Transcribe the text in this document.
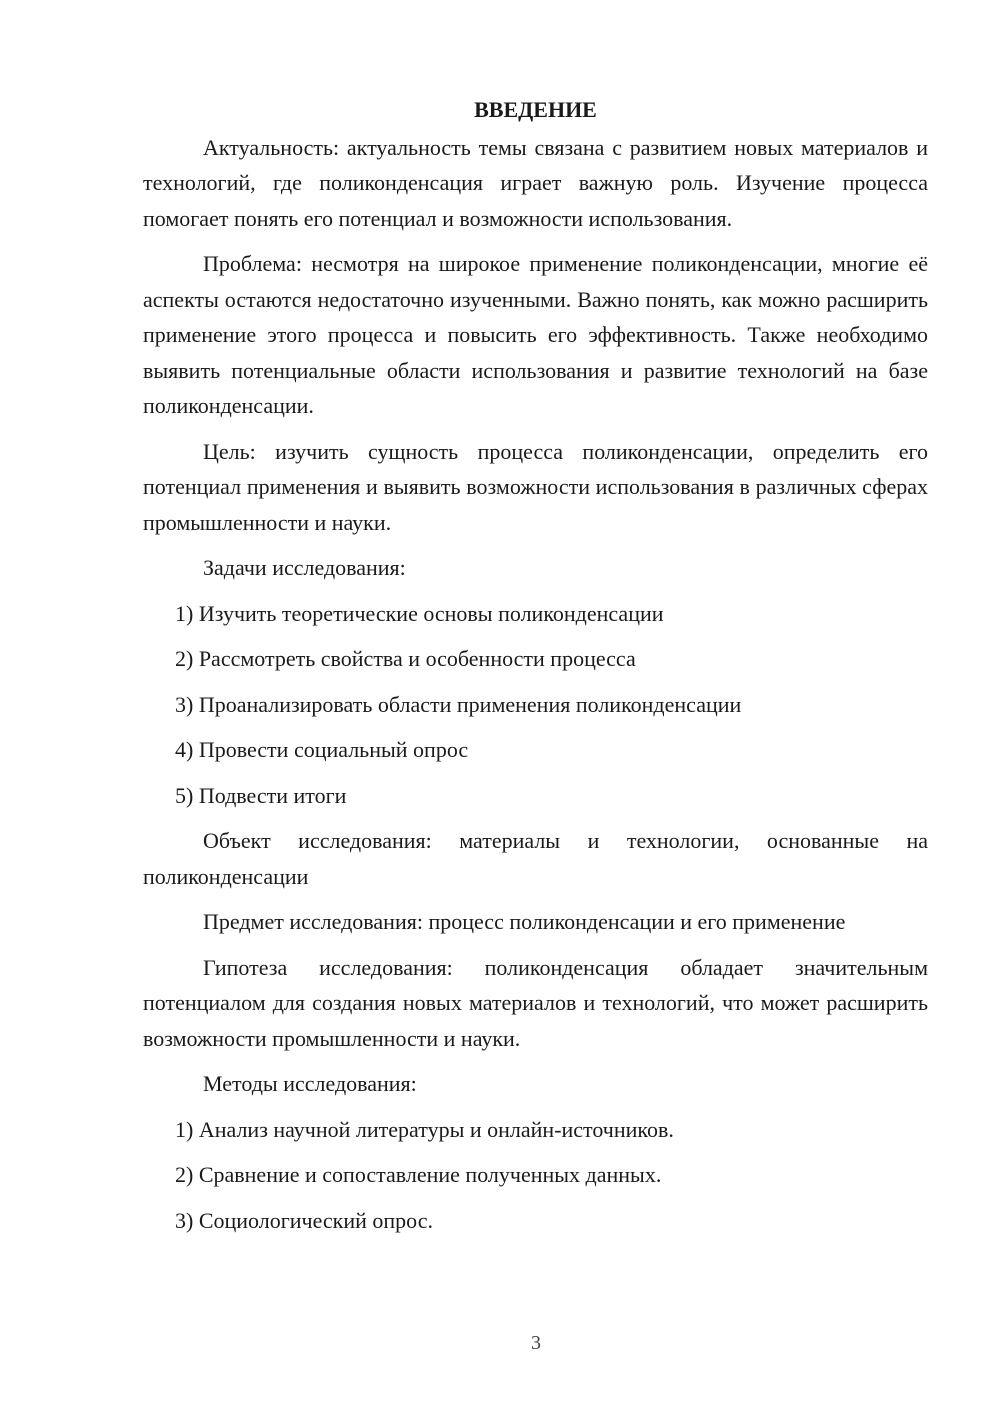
ВВЕДЕНИЕ

Актуальность: актуальность темы связана с развитием новых материалов и технологий, где поликонденсация играет важную роль. Изучение процесса помогает понять его потенциал и возможности использования.

Проблема: несмотря на широкое применение поликонденсации, многие её аспекты остаются недостаточно изученными. Важно понять, как можно расширить применение этого процесса и повысить его эффективность. Также необходимо выявить потенциальные области использования и развитие технологий на базе поликонденсации.

Цель: изучить сущность процесса поликонденсации, определить его потенциал применения и выявить возможности использования в различных сферах промышленности и науки.

Задачи исследования:

1) Изучить теоретические основы поликонденсации
2) Рассмотреть свойства и особенности процесса
3) Проанализировать области применения поликонденсации
4) Провести социальный опрос
5) Подвести итоги

Объект исследования: материалы и технологии, основанные на поликонденсации

Предмет исследования: процесс поликонденсации и его применение

Гипотеза исследования: поликонденсация обладает значительным потенциалом для создания новых материалов и технологий, что может расширить возможности промышленности и науки.

Методы исследования:

1) Анализ научной литературы и онлайн-источников.
2) Сравнение и сопоставление полученных данных.
3) Социологический опрос.
3
